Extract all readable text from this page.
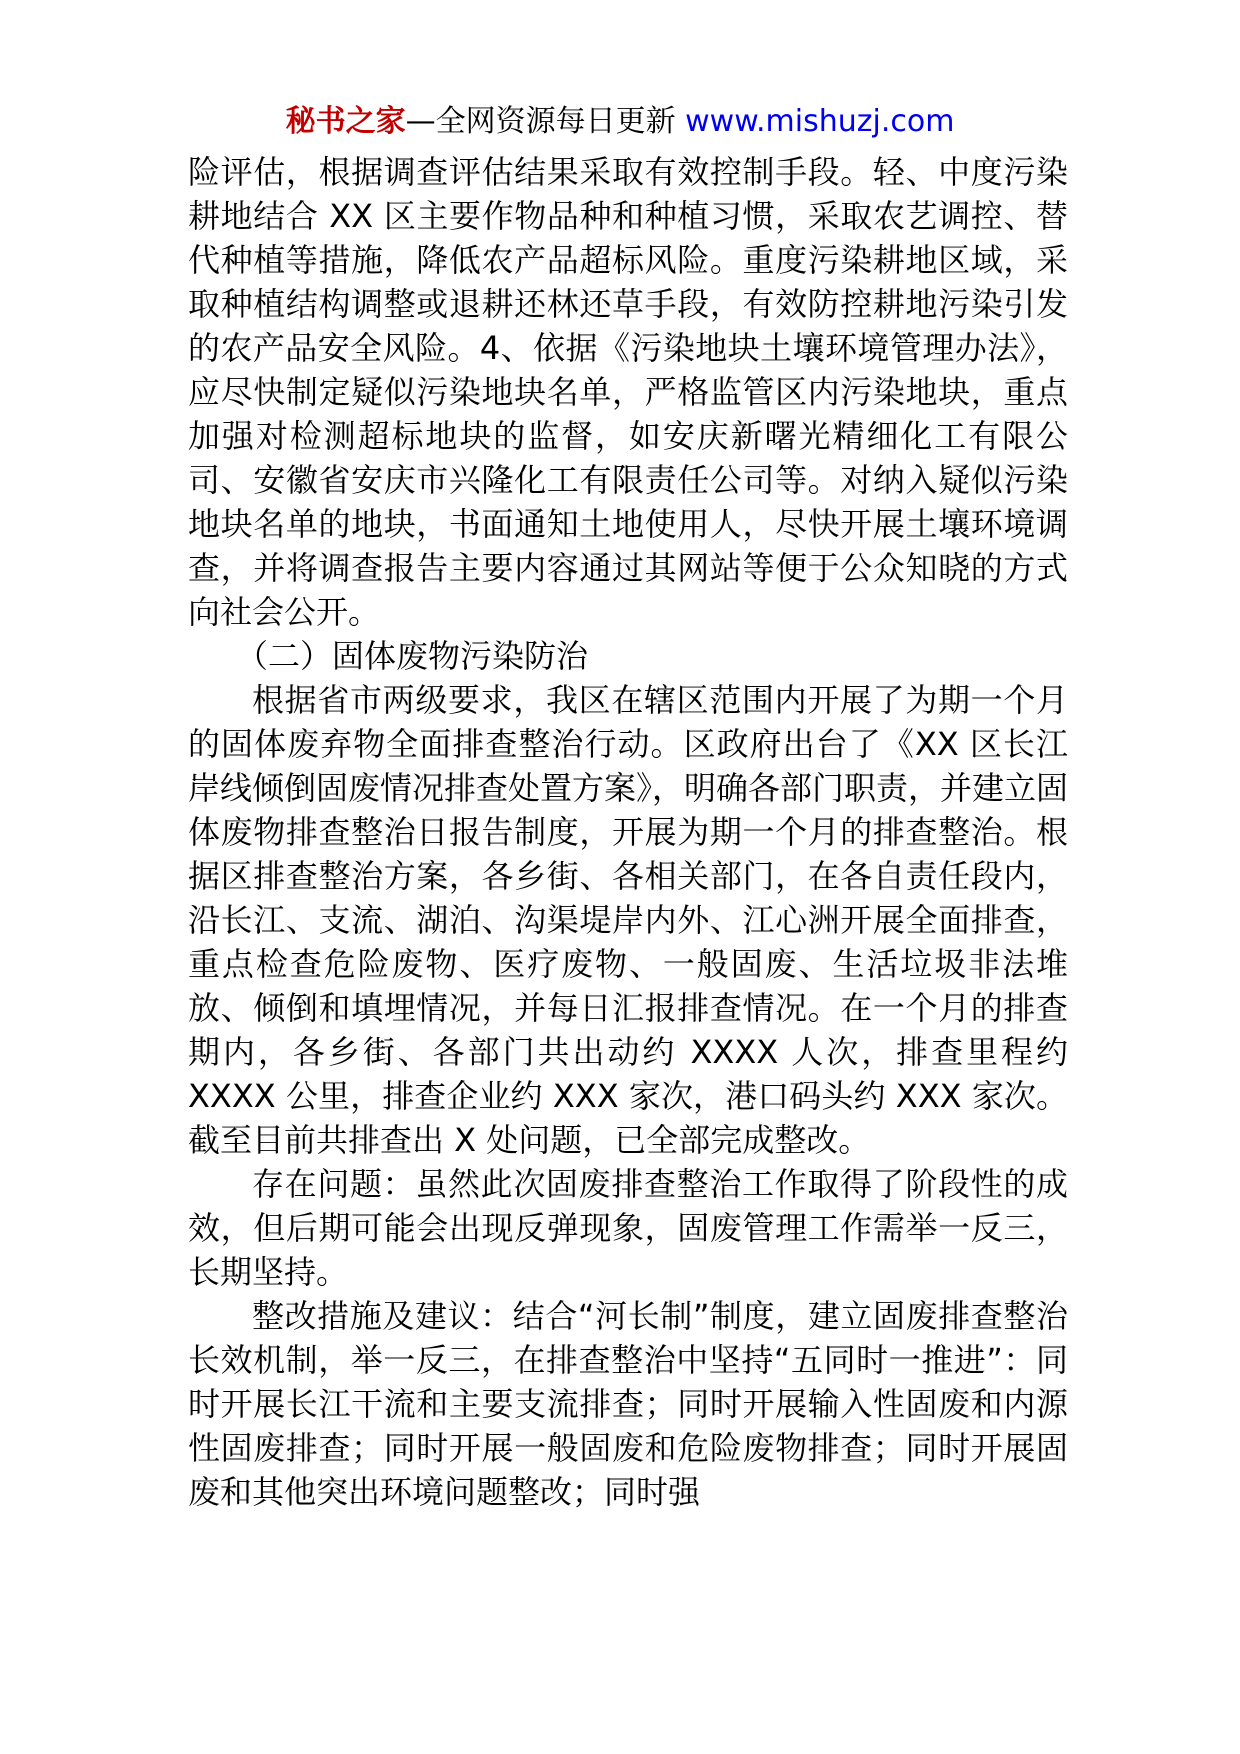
秘书之家—全网资源每日更新 www.mishuzj.com

险评估，根据调查评估结果采取有效控制手段。轻、中度污染耕地结合 XX 区主要作物品种和种植习惯，采取农艺调控、替代种植等措施，降低农产品超标风险。重度污染耕地区域，采取种植结构调整或退耕还林还草手段，有效防控耕地污染引发的农产品安全风险。4、依据《污染地块土壤环境管理办法》，应尽快制定疑似污染地块名单，严格监管区内污染地块，重点加强对检测超标地块的监督，如安庆新曙光精细化工有限公司、安徽省安庆市兴隆化工有限责任公司等。对纳入疑似污染地块名单的地块，书面通知土地使用人，尽快开展土壤环境调查，并将调查报告主要内容通过其网站等便于公众知晓的方式向社会公开。

（二）固体废物污染防治

根据省市两级要求，我区在辖区范围内开展了为期一个月的固体废弃物全面排查整治行动。区政府出台了《XX 区长江岸线倾倒固废情况排查处置方案》，明确各部门职责，并建立固体废物排查整治日报告制度，开展为期一个月的排查整治。根据区排查整治方案，各乡街、各相关部门，在各自责任段内，沿长江、支流、湖泊、沟渠堤岸内外、江心洲开展全面排查，重点检查危险废物、医疗废物、一般固废、生活垃圾非法堆放、倾倒和填埋情况，并每日汇报排查情况。在一个月的排查期内，各乡街、各部门共出动约 XXXX 人次，排查里程约 XXXX 公里，排查企业约 XXX 家次，港口码头约 XXX 家次。截至目前共排查出 X 处问题，已全部完成整改。

存在问题：虽然此次固废排查整治工作取得了阶段性的成效，但后期可能会出现反弹现象，固废管理工作需举一反三，长期坚持。

整改措施及建议：结合“河长制”制度，建立固废排查整治长效机制，举一反三，在排查整治中坚持“五同时一推进”：同时开展长江干流和主要支流排查；同时开展输入性固废和内源性固废排查；同时开展一般固废和危险废物排查；同时开展固废和其他突出环境问题整改；同时强
